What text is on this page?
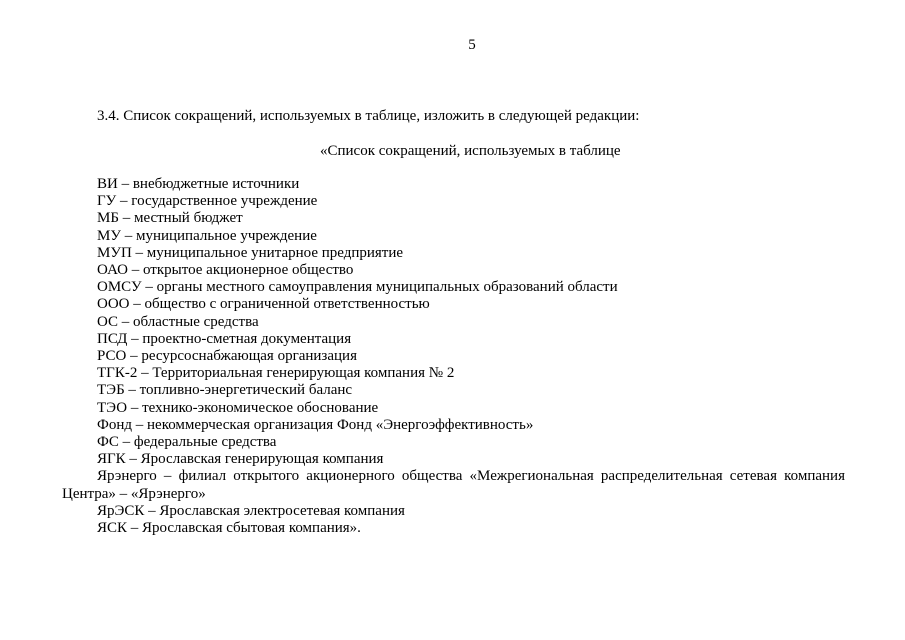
5
3.4. Список сокращений, используемых в таблице, изложить в следующей редакции:
«Список сокращений, используемых в таблице
ВИ – внебюджетные источники
ГУ – государственное учреждение
МБ – местный бюджет
МУ – муниципальное учреждение
МУП – муниципальное унитарное предприятие
ОАО – открытое акционерное общество
ОМСУ – органы местного самоуправления муниципальных образований области
ООО – общество с ограниченной ответственностью
ОС – областные средства
ПСД – проектно-сметная документация
РСО – ресурсоснабжающая организация
ТГК-2 – Территориальная генерирующая компания № 2
ТЭБ – топливно-энергетический баланс
ТЭО – технико-экономическое обоснование
Фонд – некоммерческая организация Фонд «Энергоэффективность»
ФС – федеральные средства
ЯГК – Ярославская генерирующая компания
Ярэнерго – филиал открытого акционерного общества «Межрегиональная распределительная сетевая компания Центра» – «Ярэнерго»
ЯрЭСК – Ярославская электросетевая компания
ЯСК – Ярославская сбытовая компания».
